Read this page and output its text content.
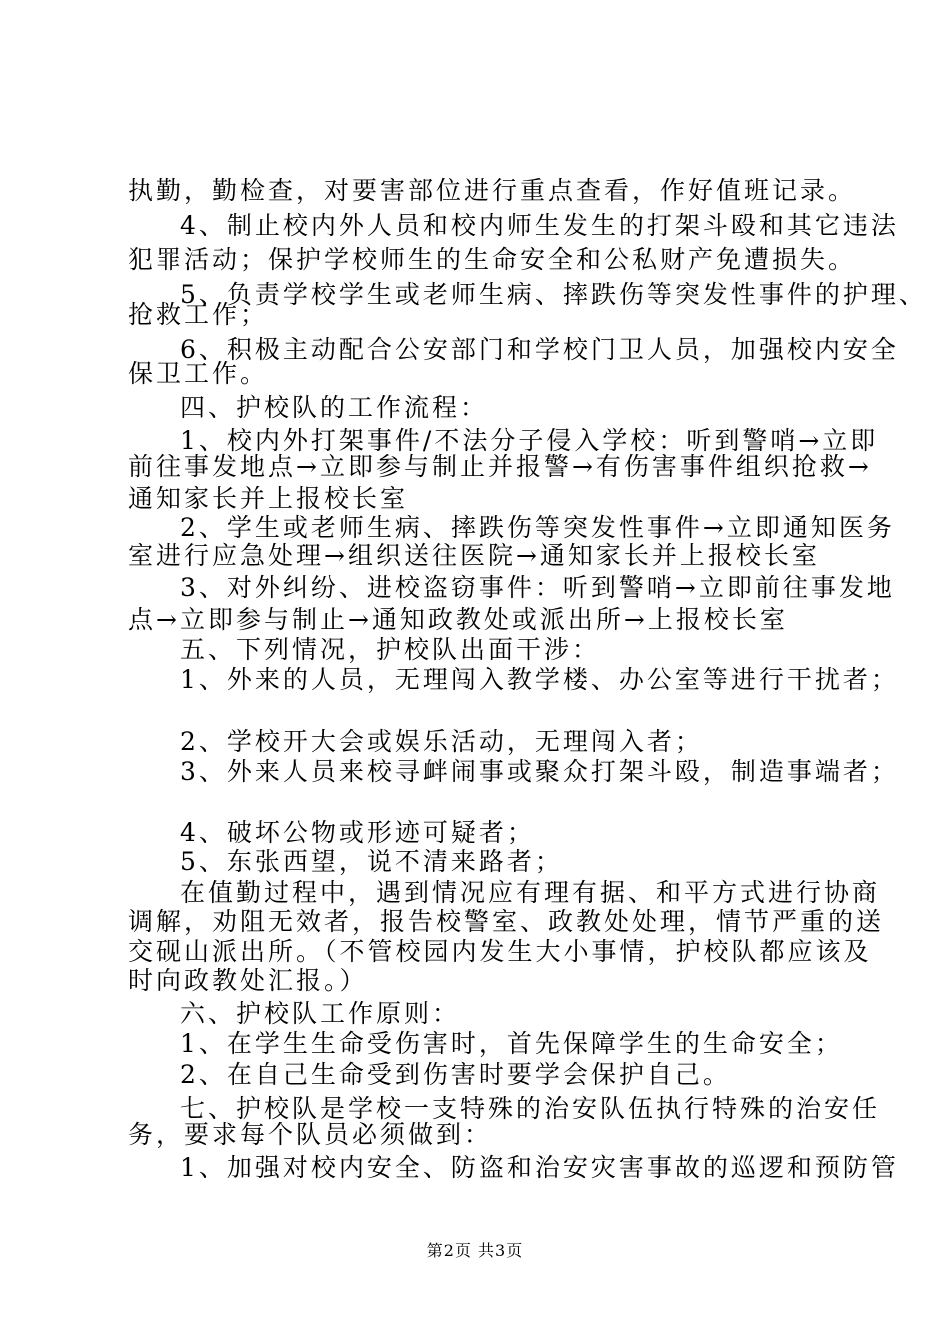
执勤，勤检查，对要害部位进行重点查看，作好值班记录。

4、制止校内外人员和校内师生发生的打架斗殴和其它违法

犯罪活动；保护学校师生的生命安全和公私财产免遭损失。

5、负责学校学生或老师生病、摔跌伤等突发性事件的护理、

抢救工作；

6、积极主动配合公安部门和学校门卫人员，加强校内安全

保卫工作。

四、护校队的工作流程：

1、校内外打架事件/不法分子侵入学校：听到警哨→立即

前往事发地点→立即参与制止并报警→有伤害事件组织抢救→

通知家长并上报校长室

2、学生或老师生病、摔跌伤等突发性事件→立即通知医务

室进行应急处理→组织送往医院→通知家长并上报校长室

3、对外纠纷、进校盗窃事件：听到警哨→立即前往事发地

点→立即参与制止→通知政教处或派出所→上报校长室

五、下列情况，护校队出面干涉：

1、外来的人员，无理闯入教学楼、办公室等进行干扰者；

2、学校开大会或娱乐活动，无理闯入者；

3、外来人员来校寻衅闹事或聚众打架斗殴，制造事端者；

4、破坏公物或形迹可疑者；

5、东张西望，说不清来路者；

在值勤过程中，遇到情况应有理有据、和平方式进行协商

调解，劝阻无效者，报告校警室、政教处处理，情节严重的送

交砚山派出所。（不管校园内发生大小事情，护校队都应该及

时向政教处汇报。）

六、护校队工作原则：

1、在学生生命受伤害时，首先保障学生的生命安全；

2、在自己生命受到伤害时要学会保护自己。

七、护校队是学校一支特殊的治安队伍执行特殊的治安任

务，要求每个队员必须做到：

1、加强对校内安全、防盗和治安灾害事故的巡逻和预防管

第2页 共3页
